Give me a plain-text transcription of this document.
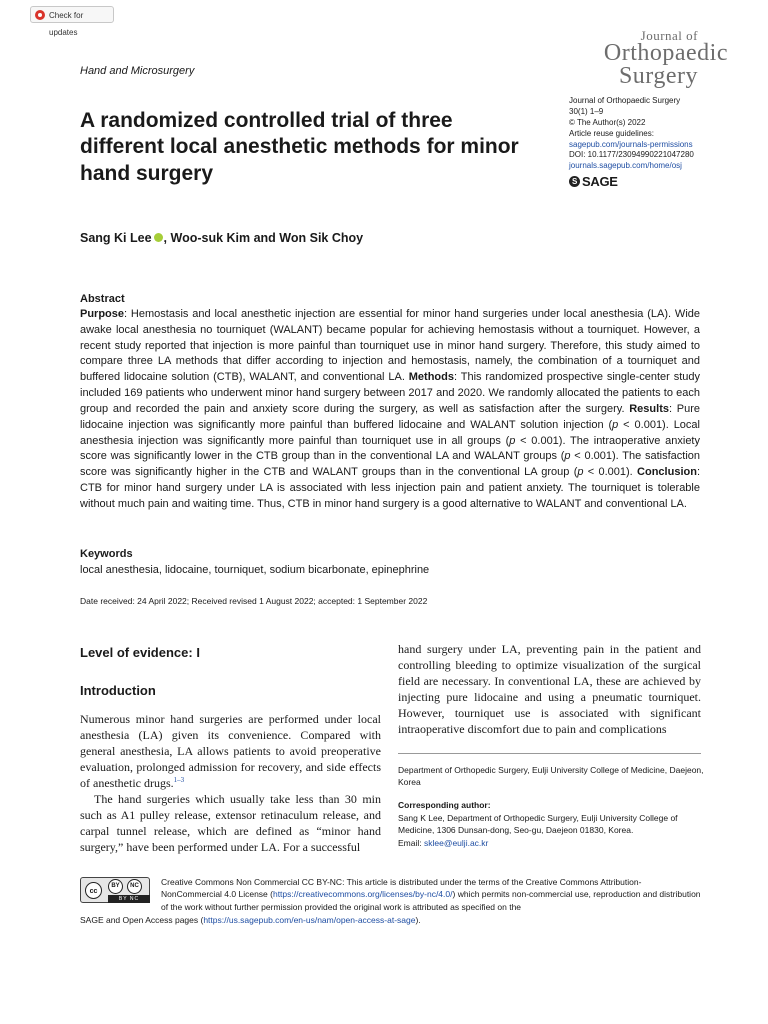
Check for updates	Journal of
Orthopaedic
Surgery
Hand and Microsurgery
A randomized controlled trial of three different local anesthetic methods for minor hand surgery
Journal of Orthopaedic Surgery
30(1) 1–9
© The Author(s) 2022
Article reuse guidelines:
sagepub.com/journals-permissions
DOI: 10.1177/23094990221047280
journals.sagepub.com/home/osj
S SAGE
Sang Ki Lee , Woo-suk Kim and Won Sik Choy
Abstract
Purpose: Hemostasis and local anesthetic injection are essential for minor hand surgeries under local anesthesia (LA). Wide awake local anesthesia no tourniquet (WALANT) became popular for achieving hemostasis without a tourniquet. However, a recent study reported that injection is more painful than tourniquet use in minor hand surgery. Therefore, this study aimed to compare three LA methods that differ according to injection and hemostasis, namely, the combination of a tourniquet and buffered lidocaine solution (CTB), WALANT, and conventional LA. Methods: This randomized prospective single-center study included 169 patients who underwent minor hand surgery between 2017 and 2020. We randomly allocated the patients to each group and recorded the pain and anxiety score during the surgery, as well as satisfaction after the surgery. Results: Pure lidocaine injection was significantly more painful than buffered lidocaine and WALANT solution injection (p < 0.001). Local anesthesia injection was significantly more painful than tourniquet use in all groups (p < 0.001). The intraoperative anxiety score was significantly lower in the CTB group than in the conventional LA and WALANT groups (p < 0.001). The satisfaction score was significantly higher in the CTB and WALANT groups than in the conventional LA group (p < 0.001). Conclusion: CTB for minor hand surgery under LA is associated with less injection pain and patient anxiety. The tourniquet is tolerable without much pain and waiting time. Thus, CTB in minor hand surgery is a good alternative to WALANT and conventional LA.
Keywords
local anesthesia, lidocaine, tourniquet, sodium bicarbonate, epinephrine
Date received: 24 April 2022; Received revised 1 August 2022; accepted: 1 September 2022
Level of evidence: I
Introduction

Numerous minor hand surgeries are performed under local anesthesia (LA) given its convenience. Compared with general anesthesia, LA allows patients to avoid preoperative evaluation, prolonged admission for recovery, and side effects of anesthetic drugs.$^{1-3}$

The hand surgeries which usually take less than 30 min such as A1 pulley release, extensor retinaculum release, and carpal tunnel release, which are defined as “minor hand surgery,” have been performed under LA. For a successful

hand surgery under LA, preventing pain in the patient and controlling bleeding to optimize visualization of the surgical field are necessary. In conventional LA, these are achieved by injecting pure lidocaine and using a pneumatic tourniquet. However, tourniquet use is associated with significant intraoperative discomfort due to pain and complications

Department of Orthopedic Surgery, Eulji University College of Medicine, Daejeon, Korea
Corresponding author:
Sang K Lee, Department of Orthopedic Surgery, Eulji University College of Medicine, 1306 Dunsan-dong, Seo-gu, Daejeon 01830, Korea.
Email: sklee@eulji.ac.kr
cc
BY	NC
BY NC
Creative Commons Non Commercial CC BY-NC: This article is distributed under the terms of the Creative Commons Attribution-NonCommercial 4.0 License (https://creativecommons.org/licenses/by-nc/4.0/) which permits non-commercial use, reproduction and distribution of the work without further permission provided the original work is attributed as specified on the
SAGE and Open Access pages (https://us.sagepub.com/en-us/nam/open-access-at-sage).
